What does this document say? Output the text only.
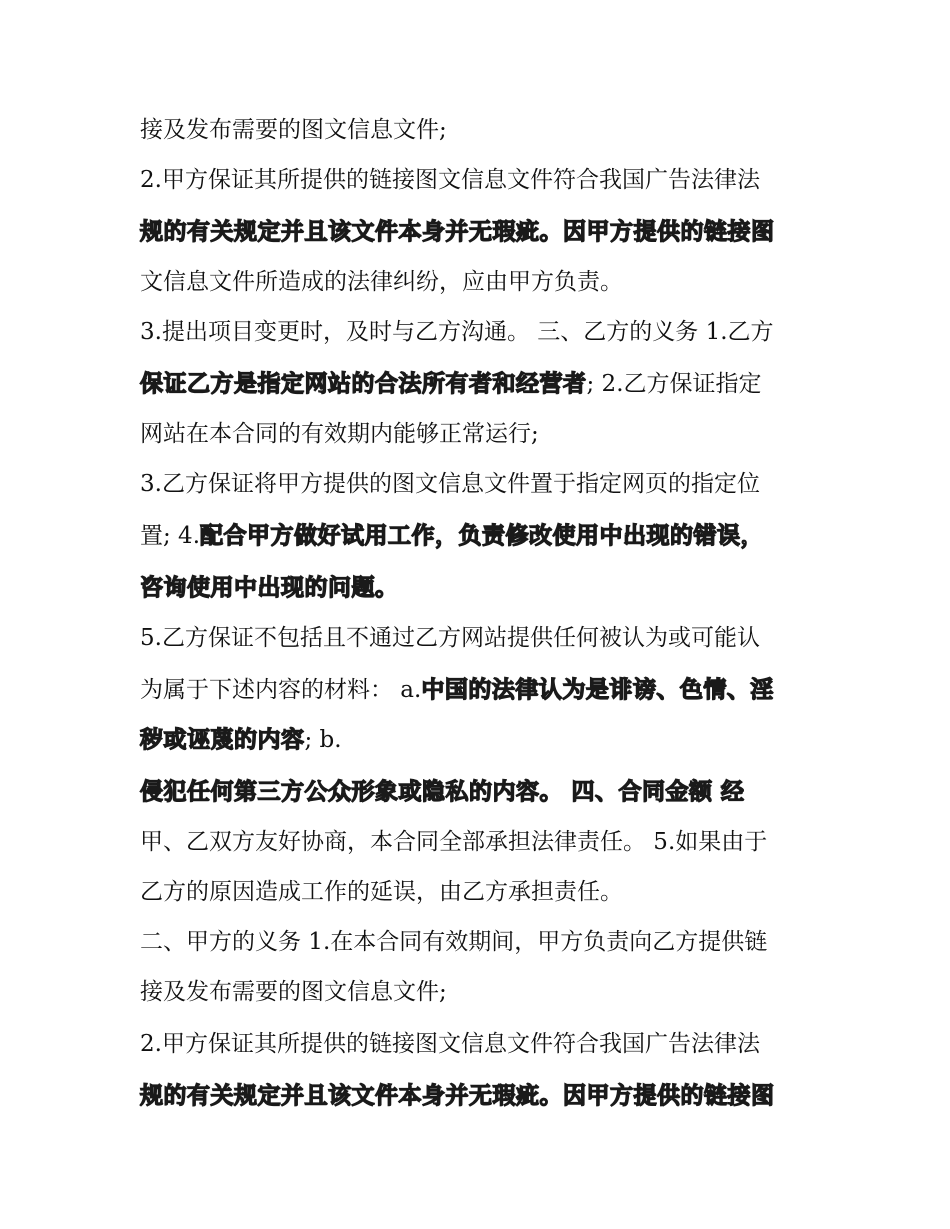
接及发布需要的图文信息文件;
2.甲方保证其所提供的链接图文信息文件符合我国广告法律法
规的有关规定并且该文件本身并无瑕疵。因甲方提供的链接图
文信息文件所造成的法律纠纷，应由甲方负责。
3.提出项目变更时，及时与乙方沟通。 三、乙方的义务 1.乙方
保证乙方是指定网站的合法所有者和经营者; 2.乙方保证指定
网站在本合同的有效期内能够正常运行;
3.乙方保证将甲方提供的图文信息文件置于指定网页的指定位
置; 4.配合甲方做好试用工作，负责修改使用中出现的错误，
咨询使用中出现的问题。
5.乙方保证不包括且不通过乙方网站提供任何被认为或可能认
为属于下述内容的材料： a.中国的法律认为是诽谤、色情、淫
秽或诬蔑的内容; b.
侵犯任何第三方公众形象或隐私的内容。 四、合同金额 经
甲、乙双方友好协商，本合同全部承担法律责任。 5.如果由于
乙方的原因造成工作的延误，由乙方承担责任。
二、甲方的义务 1.在本合同有效期间，甲方负责向乙方提供链
接及发布需要的图文信息文件;
2.甲方保证其所提供的链接图文信息文件符合我国广告法律法
规的有关规定并且该文件本身并无瑕疵。因甲方提供的链接图
